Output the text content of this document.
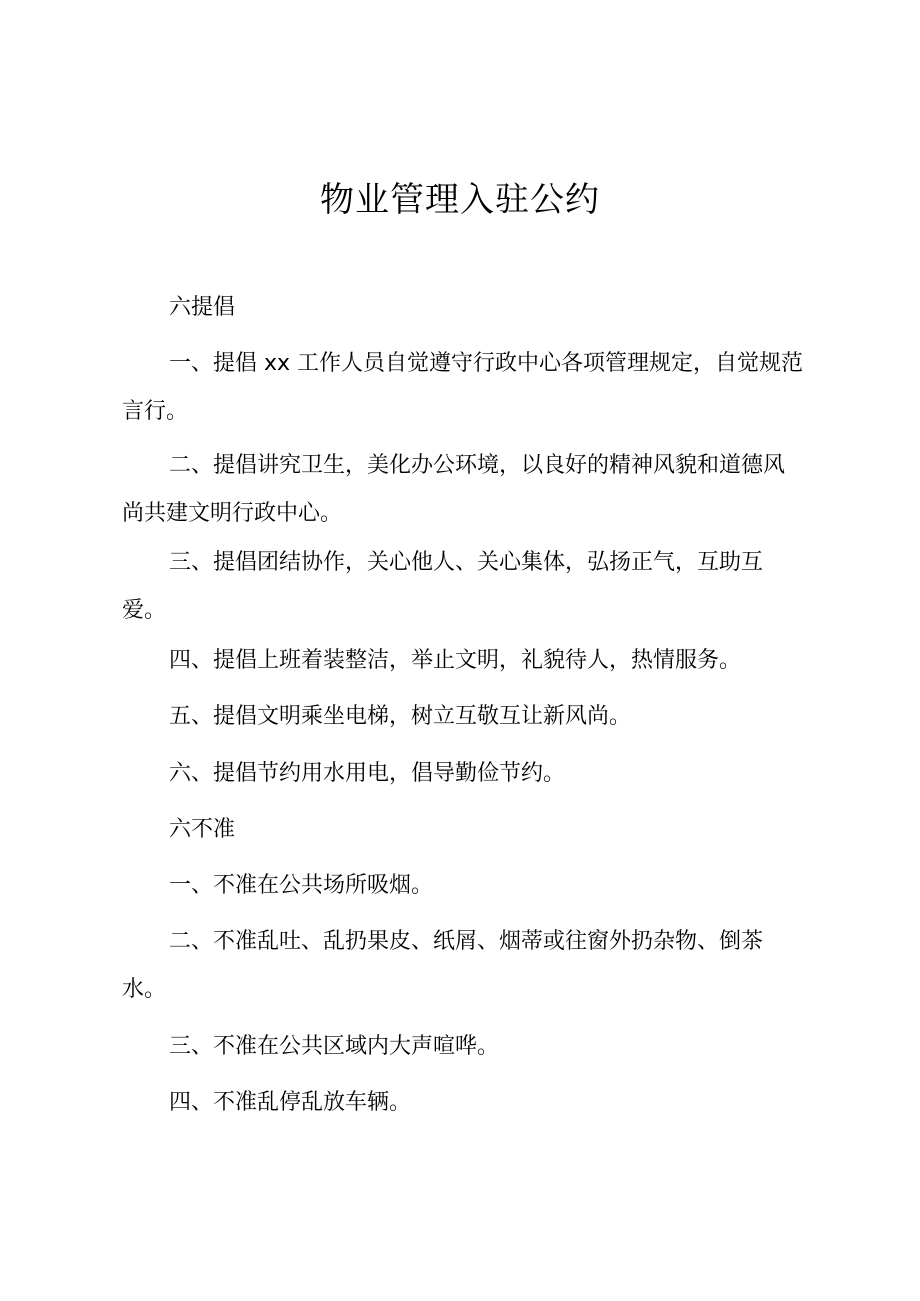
物业管理入驻公约

六提倡

一、提倡 xx 工作人员自觉遵守行政中心各项管理规定，自觉规范言行。

二、提倡讲究卫生，美化办公环境，以良好的精神风貌和道德风尚共建文明行政中心。

三、提倡团结协作，关心他人、关心集体，弘扬正气，互助互爱。

四、提倡上班着装整洁，举止文明，礼貌待人，热情服务。

五、提倡文明乘坐电梯，树立互敬互让新风尚。

六、提倡节约用水用电，倡导勤俭节约。

六不准

一、不准在公共场所吸烟。

二、不准乱吐、乱扔果皮、纸屑、烟蒂或往窗外扔杂物、倒茶水。

三、不准在公共区域内大声喧哗。

四、不准乱停乱放车辆。
